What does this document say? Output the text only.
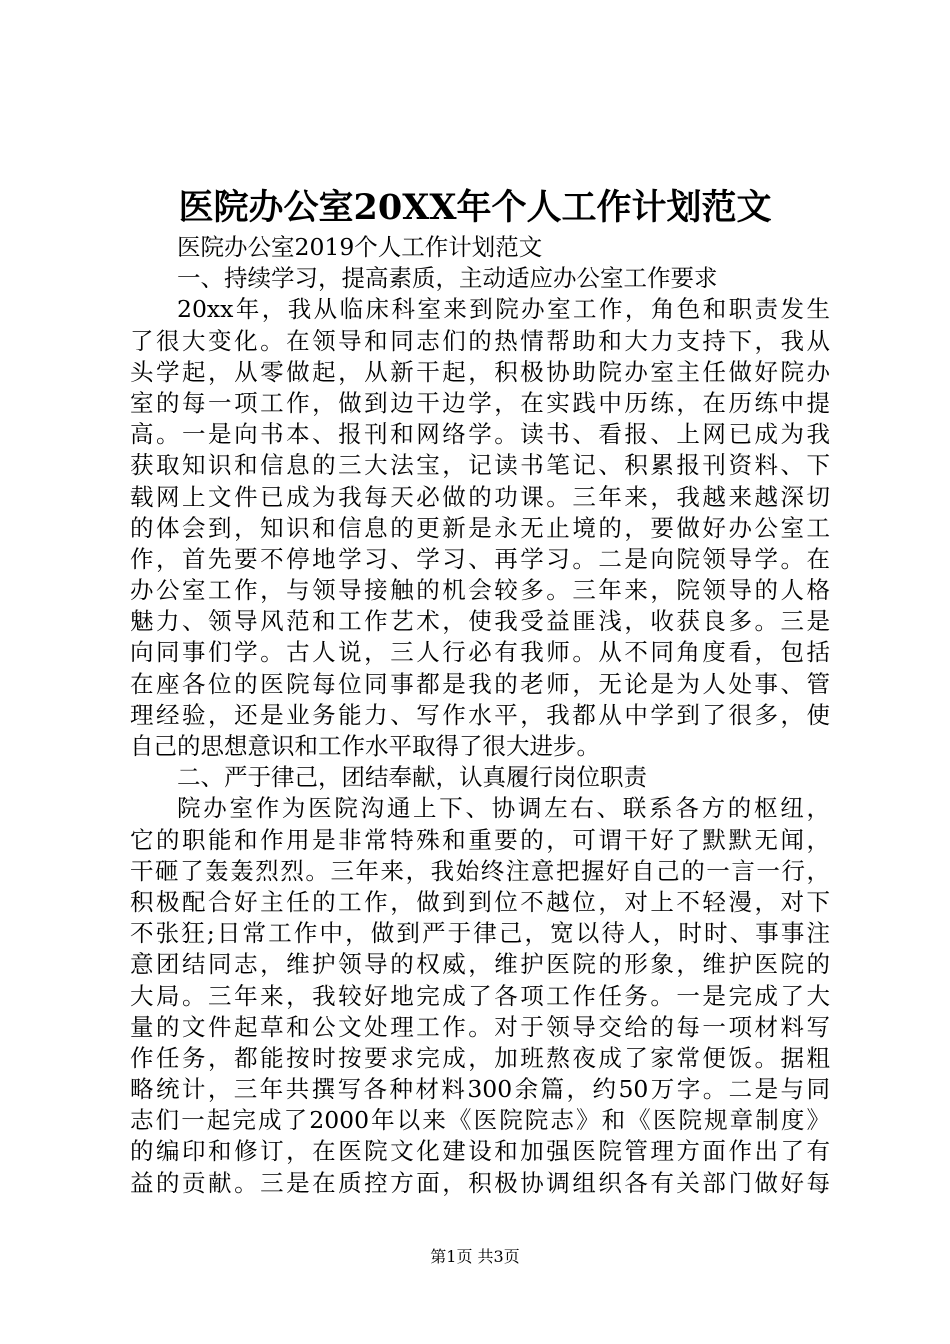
医院办公室20XX年个人工作计划范文
医院办公室2019个人工作计划范文
一、持续学习，提高素质，主动适应办公室工作要求
20xx年，我从临床科室来到院办室工作，角色和职责发生
了很大变化。在领导和同志们的热情帮助和大力支持下，我从
头学起，从零做起，从新干起，积极协助院办室主任做好院办
室的每一项工作，做到边干边学，在实践中历练，在历练中提
高。一是向书本、报刊和网络学。读书、看报、上网已成为我
获取知识和信息的三大法宝，记读书笔记、积累报刊资料、下
载网上文件已成为我每天必做的功课。三年来，我越来越深切
的体会到，知识和信息的更新是永无止境的，要做好办公室工
作，首先要不停地学习、学习、再学习。二是向院领导学。在
办公室工作，与领导接触的机会较多。三年来，院领导的人格
魅力、领导风范和工作艺术，使我受益匪浅，收获良多。三是
向同事们学。古人说，三人行必有我师。从不同角度看，包括
在座各位的医院每位同事都是我的老师，无论是为人处事、管
理经验，还是业务能力、写作水平，我都从中学到了很多，使
自己的思想意识和工作水平取得了很大进步。
二、严于律己，团结奉献，认真履行岗位职责
院办室作为医院沟通上下、协调左右、联系各方的枢纽，
它的职能和作用是非常特殊和重要的，可谓干好了默默无闻，
干砸了轰轰烈烈。三年来，我始终注意把握好自己的一言一行，
积极配合好主任的工作，做到到位不越位，对上不轻漫，对下
不张狂;日常工作中，做到严于律己，宽以待人，时时、事事注
意团结同志，维护领导的权威，维护医院的形象，维护医院的
大局。三年来，我较好地完成了各项工作任务。一是完成了大
量的文件起草和公文处理工作。对于领导交给的每一项材料写
作任务，都能按时按要求完成，加班熬夜成了家常便饭。据粗
略统计，三年共撰写各种材料300余篇，约50万字。二是与同
志们一起完成了2000年以来《医院院志》和《医院规章制度》
的编印和修订，在医院文化建设和加强医院管理方面作出了有
益的贡献。三是在质控方面，积极协调组织各有关部门做好每
第1页 共3页
